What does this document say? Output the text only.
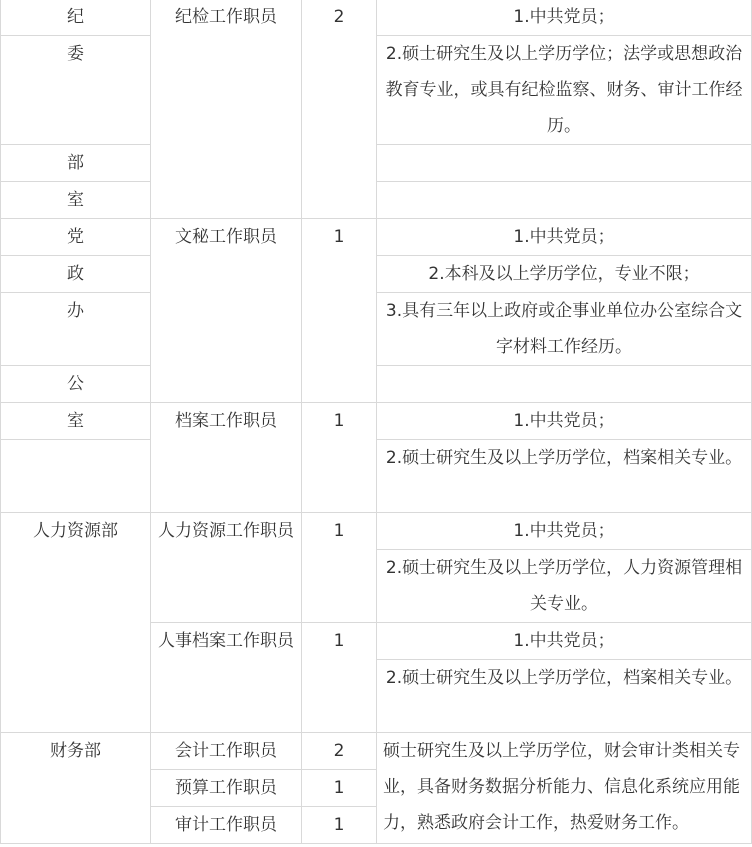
纪	纪检工作职员	2	1.中共党员；
委			2.硕士研究生及以上学历学位；法学或思想政治教育专业，或具有纪检监察、财务、审计工作经历。
部			
室			
党	文秘工作职员	1	1.中共党员；
政			2.本科及以上学历学位，专业不限；
办			3.具有三年以上政府或企事业单位办公室综合文字材料工作经历。
公			
室	档案工作职员	1	1.中共党员；
			2.硕士研究生及以上学历学位，档案相关专业。
人力资源部	人力资源工作职员	1	1.中共党员；
			2.硕士研究生及以上学历学位，人力资源管理相关专业。
	人事档案工作职员	1	1.中共党员；
			2.硕士研究生及以上学历学位，档案相关专业。
财务部	会计工作职员	2	硕士研究生及以上学历学位，财会审计类相关专业，具备财务数据分析能力、信息化系统应用能力，熟悉政府会计工作，热爱财务工作。
	预算工作职员	1	
	审计工作职员	1	
